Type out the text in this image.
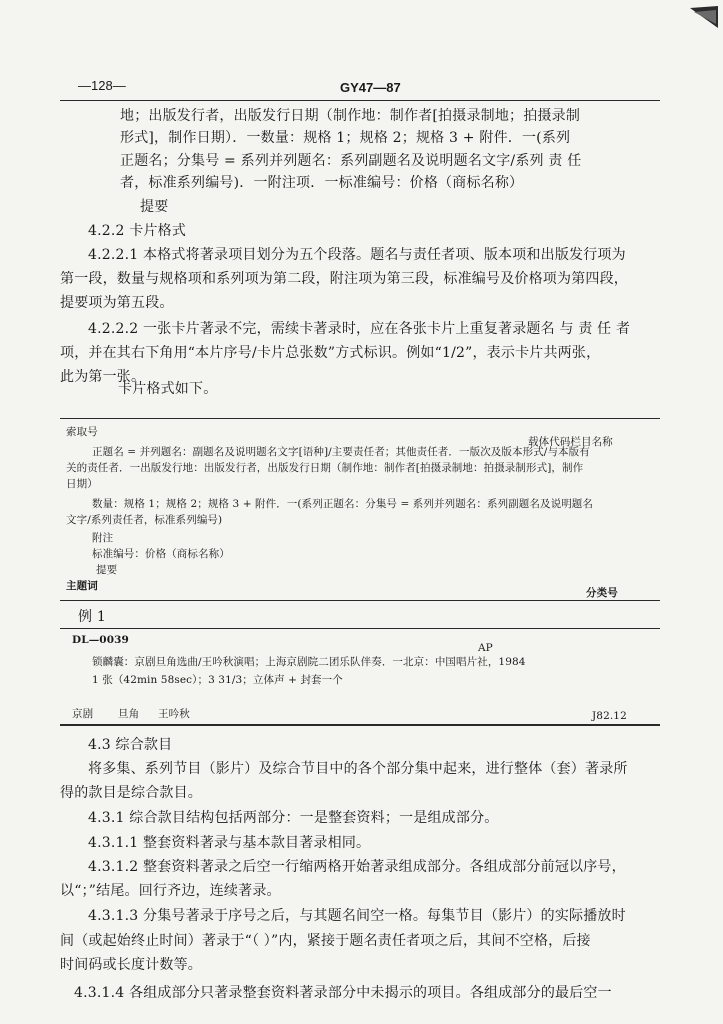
—128—	GY47—87
地；出版发行者，出版发行日期（制作地：制作者[拍摄录制地；拍摄录制
形式]，制作日期）．一数量：规格 1；规格 2；规格 3 + 附件．一(系列
正题名；分集号 = 系列并列题名：系列副题名及说明题名文字/系列 责 任
者，标准系列编号)．一附注项．一标准编号：价格（商标名称）
提要
4.2.2 卡片格式
4.2.2.1 本格式将著录项目划分为五个段落。题名与责任者项、版本项和出版发行项为
第一段，数量与规格项和系列项为第二段，附注项为第三段，标准编号及价格项为第四段，
提要项为第五段。
4.2.2.2 一张卡片著录不完，需续卡著录时，应在各张卡片上重复著录题名 与 责 任 者
项，并在其右下角用“本片序号/卡片总张数”方式标识。例如“1/2”，表示卡片共两张，
此为第一张。
卡片格式如下。
索取号
载体代码栏目名称
正题名 = 并列题名：副题名及说明题名文字[语种]/主要责任者；其他责任者．一版次及版本形式/与本版有
关的责任者．一出版发行地：出版发行者，出版发行日期（制作地：制作者[拍摄录制地：拍摄录制形式]，制作
日期）
数量：规格 1；规格 2；规格 3 + 附件．一(系列正题名：分集号 = 系列并列题名：系列副题名及说明题名
文字/系列责任者，标准系列编号)
附注
标准编号：价格（商标名称）
提要
主题词
分类号
例 1
DL—0039
AP
锁麟囊：京剧旦角选曲/王吟秋演唱；上海京剧院二团乐队伴奏．一北京：中国唱片社，1984
1 张（42min 58sec）；3 31/3；立体声 + 封套一个
京剧 旦角 王吟秋	J82.12
4.3 综合款目
将多集、系列节目（影片）及综合节目中的各个部分集中起来，进行整体（套）著录所
得的款目是综合款目。
4.3.1 综合款目结构包括两部分：一是整套资料；一是组成部分。
4.3.1.1 整套资料著录与基本款目著录相同。
4.3.1.2 整套资料著录之后空一行缩两格开始著录组成部分。各组成部分前冠以序号，
以“；”结尾。回行齐边，连续著录。
4.3.1.3 分集号著录于序号之后，与其题名间空一格。每集节目（影片）的实际播放时
间（或起始终止时间）著录于“（ ）”内，紧接于题名责任者项之后，其间不空格，后接
时间码或长度计数等。
4.3.1.4 各组成部分只著录整套资料著录部分中未揭示的项目。各组成部分的最后空一
